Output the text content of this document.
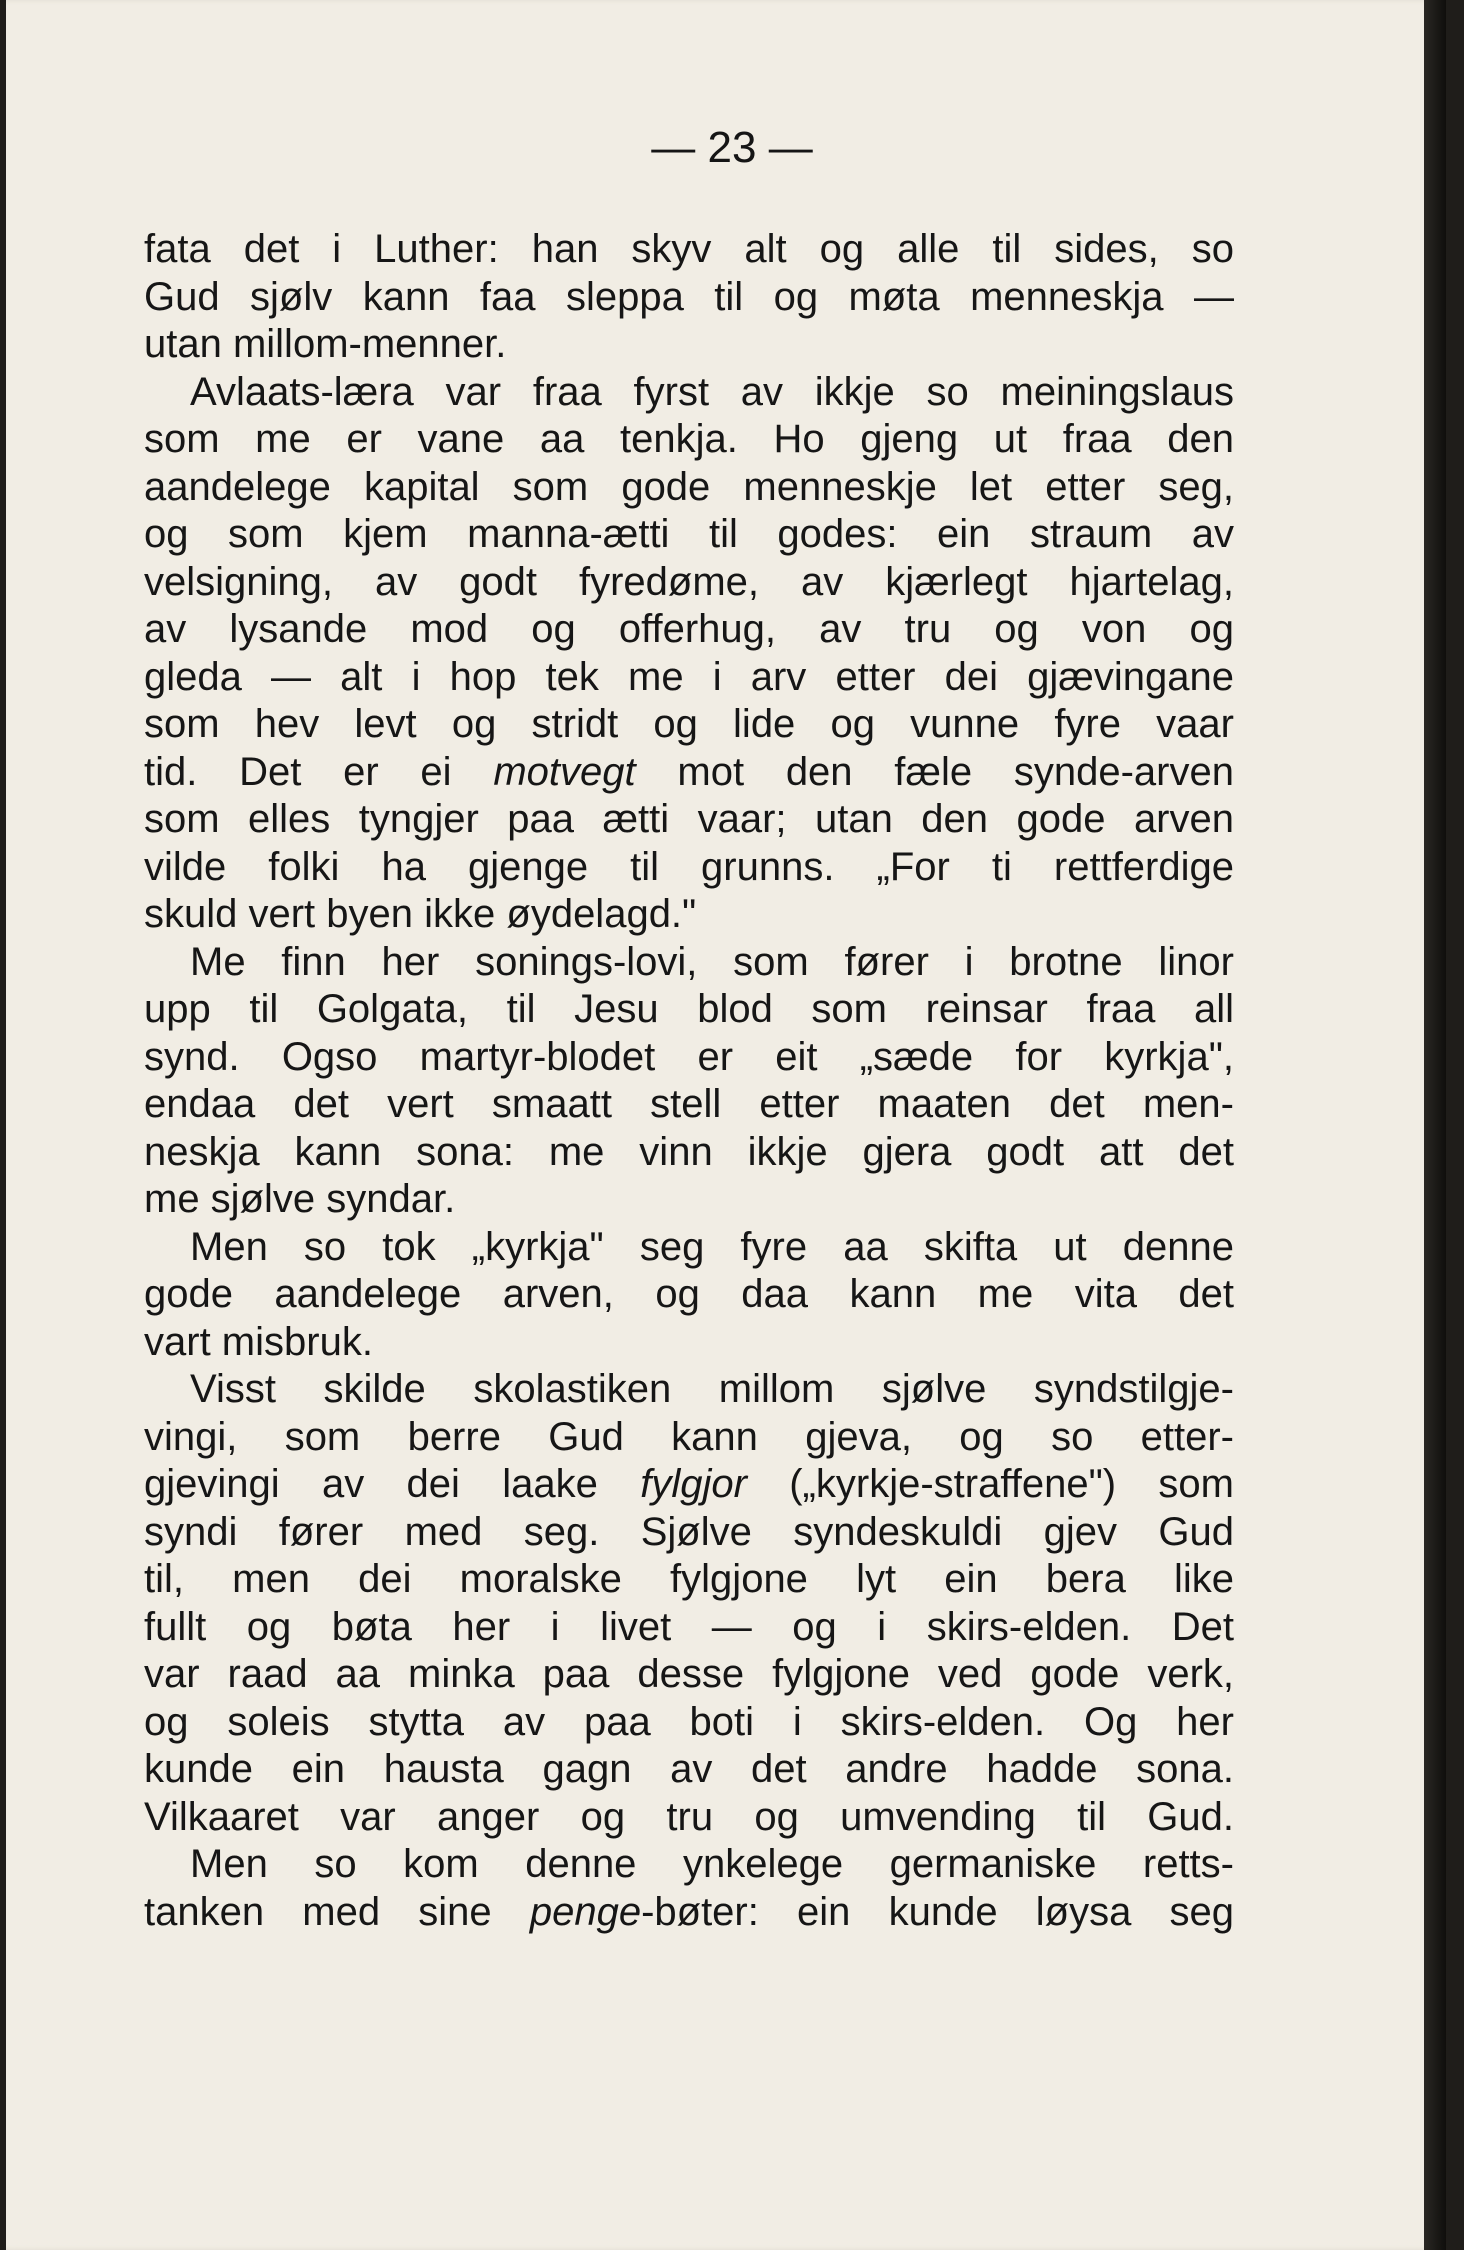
— 23 —
fata det i Luther: han skyv alt og alle til sides, so
Gud sjølv kann faa sleppa til og møta menneskja —
utan millom-menner.
Avlaats-læra var fraa fyrst av ikkje so meiningslaus
som me er vane aa tenkja. Ho gjeng ut fraa den
aandelege kapital som gode menneskje let etter seg,
og som kjem manna-ætti til godes: ein straum av
velsigning, av godt fyredøme, av kjærlegt hjartelag,
av lysande mod og offerhug, av tru og von og
gleda — alt i hop tek me i arv etter dei gjævingane
som hev levt og stridt og lide og vunne fyre vaar
tid. Det er ei motvegt mot den fæle synde-arven
som elles tyngjer paa ætti vaar; utan den gode arven
vilde folki ha gjenge til grunns. „For ti rettferdige
skuld vert byen ikke øydelagd."
Me finn her sonings-lovi, som fører i brotne linor
upp til Golgata, til Jesu blod som reinsar fraa all
synd. Ogso martyr-blodet er eit „sæde for kyrkja",
endaa det vert smaatt stell etter maaten det men-
neskja kann sona: me vinn ikkje gjera godt att det
me sjølve syndar.
Men so tok „kyrkja" seg fyre aa skifta ut denne
gode aandelege arven, og daa kann me vita det
vart misbruk.
Visst skilde skolastiken millom sjølve syndstilgje-
vingi, som berre Gud kann gjeva, og so etter-
gjevingi av dei laake fylgjor („kyrkje-straffene") som
syndi fører med seg. Sjølve syndeskuldi gjev Gud
til, men dei moralske fylgjone lyt ein bera like
fullt og bøta her i livet — og i skirs-elden. Det
var raad aa minka paa desse fylgjone ved gode verk,
og soleis stytta av paa boti i skirs-elden. Og her
kunde ein hausta gagn av det andre hadde sona.
Vilkaaret var anger og tru og umvending til Gud.
Men so kom denne ynkelege germaniske retts-
tanken med sine penge-bøter: ein kunde løysa seg
